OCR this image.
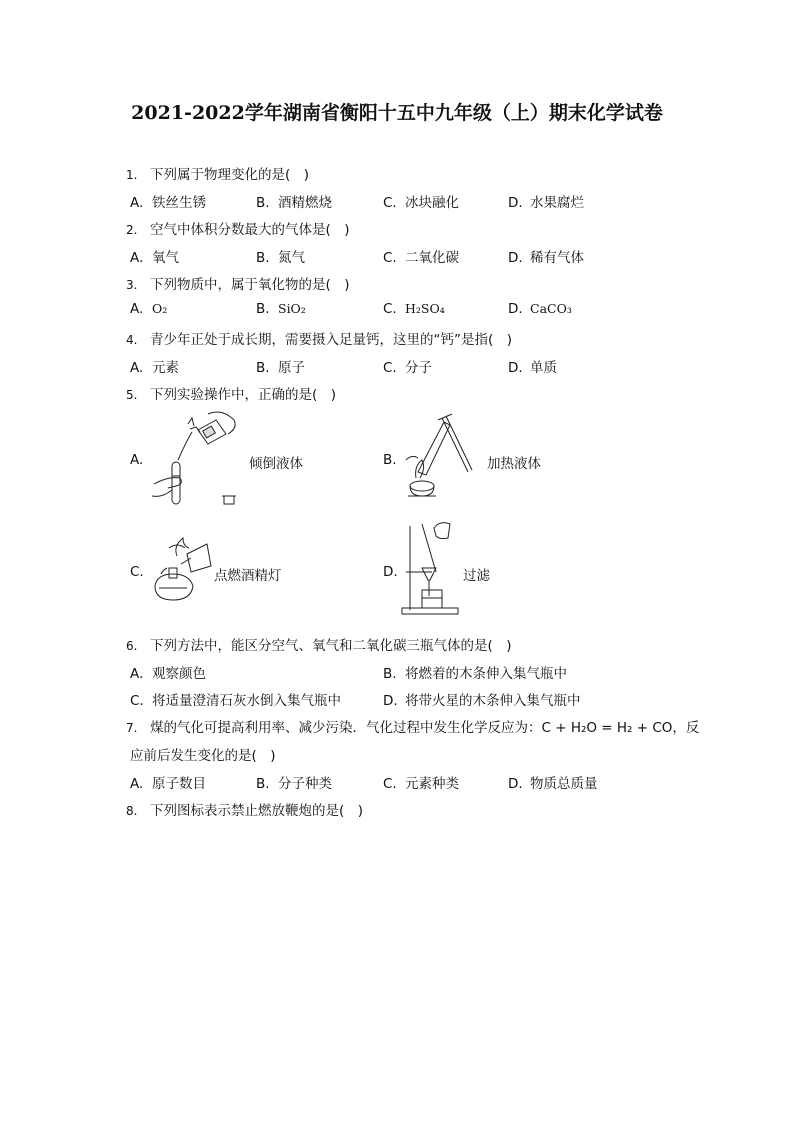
2021-2022学年湖南省衡阳十五中九年级（上）期末化学试卷
1. 下列属于物理变化的是(　)
A. 铁丝生锈	B. 酒精燃烧	C. 冰块融化	D. 水果腐烂
2. 空气中体积分数最大的气体是(　)
A. 氧气	B. 氮气	C. 二氧化碳	D. 稀有气体
3. 下列物质中，属于氧化物的是(　)
A. O₂	B. SiO₂	C. H₂SO₄	D. CaCO₃
4. 青少年正处于成长期，需要摄入足量钙，这里的“钙”是指(　)
A. 元素	B. 原子	C. 分子	D. 单质
5. 下列实验操作中，正确的是(　)
A.	倾倒液体	B.	加热液体
C.	点燃酒精灯	D.	过滤
6. 下列方法中，能区分空气、氧气和二氧化碳三瓶气体的是(　)
A. 观察颜色	B. 将燃着的木条伸入集气瓶中
C. 将适量澄清石灰水倒入集气瓶中	D. 将带火星的木条伸入集气瓶中
7. 煤的气化可提高利用率、减少污染．气化过程中发生化学反应为：C + H₂O = H₂ + CO，反
应前后发生变化的是(　)
A. 原子数目	B. 分子种类	C. 元素种类	D. 物质总质量
8. 下列图标表示禁止燃放鞭炮的是(　)
